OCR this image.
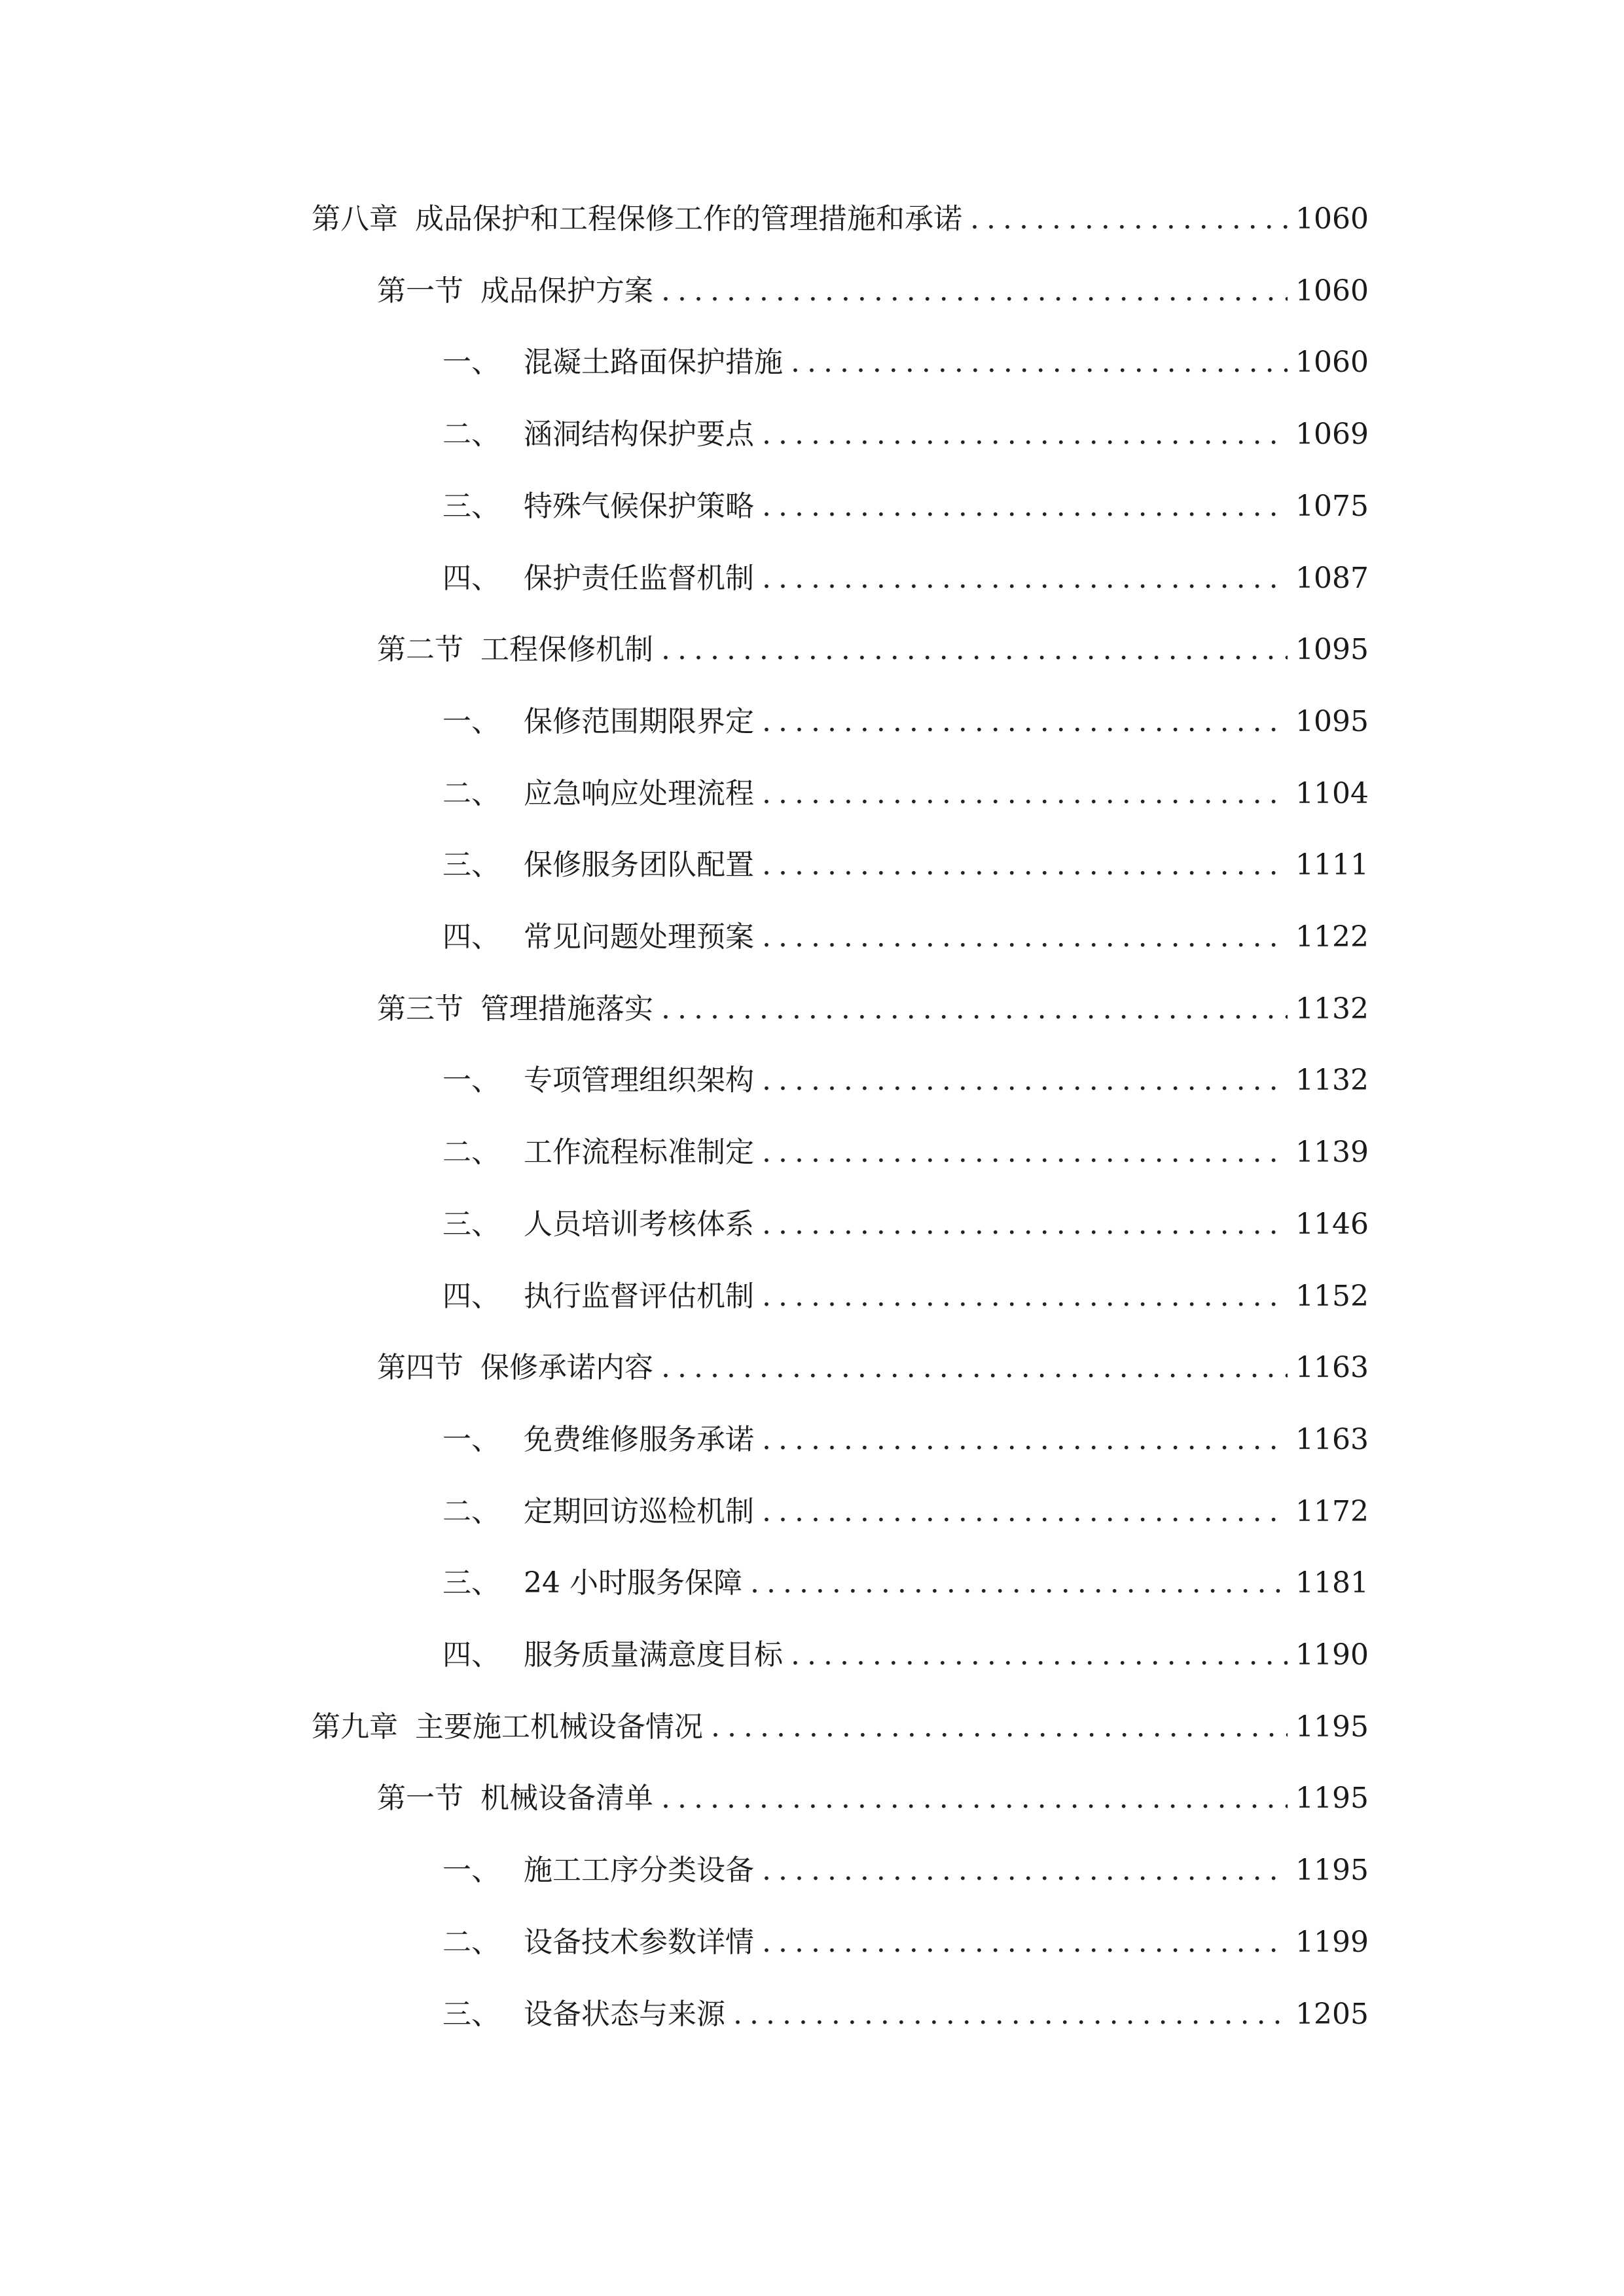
第八章 成品保护和工程保修工作的管理措施和承诺 .....	1060
第一节 成品保护方案 .....	1060
一、 混凝土路面保护措施 .....	1060
二、 涵洞结构保护要点 .....	1069
三、 特殊气候保护策略 .....	1075
四、 保护责任监督机制 .....	1087
第二节 工程保修机制 .....	1095
一、 保修范围期限界定 .....	1095
二、 应急响应处理流程 .....	1104
三、 保修服务团队配置 .....	1111
四、 常见问题处理预案 .....	1122
第三节 管理措施落实 .....	1132
一、 专项管理组织架构 .....	1132
二、 工作流程标准制定 .....	1139
三、 人员培训考核体系 .....	1146
四、 执行监督评估机制 .....	1152
第四节 保修承诺内容 .....	1163
一、 免费维修服务承诺 .....	1163
二、 定期回访巡检机制 .....	1172
三、 24 小时服务保障 .....	1181
四、 服务质量满意度目标 .....	1190
第九章 主要施工机械设备情况 .....	1195
第一节 机械设备清单 .....	1195
一、 施工工序分类设备 .....	1195
二、 设备技术参数详情 .....	1199
三、 设备状态与来源 .....	1205
